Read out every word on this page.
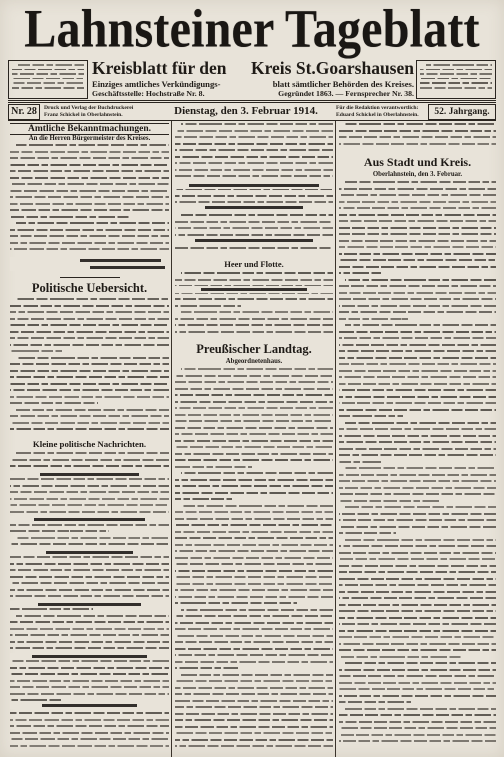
Lahnsteiner Tageblatt
Kreisblatt für den Kreis St.Goarshausen
Einziges amtliches Verkündigungs-	blatt sämtlicher Behörden des Kreises.
Geschäftsstelle: Hochstraße Nr. 8.	Gegründet 1863. — Fernsprecher Nr. 38.
Nr. 28	Druck und Verlag der Buchdruckerei
Franz Schickel in Oberlahnstein.	Dienstag, den 3. Februar 1914.	Für die Redaktion verantwortlich:
Eduard Schickel in Oberlahnstein.	52. Jahrgang.
Amtliche Bekanntmachungen.
An die Herren Bürgermeister des Kreises.
Politische Uebersicht.
Kleine politische Nachrichten.
Heer und Flotte.
Preußischer Landtag.
Abgeordnetenhaus.
Aus Stadt und Kreis.
Oberlahnstein, den 3. Februar.
